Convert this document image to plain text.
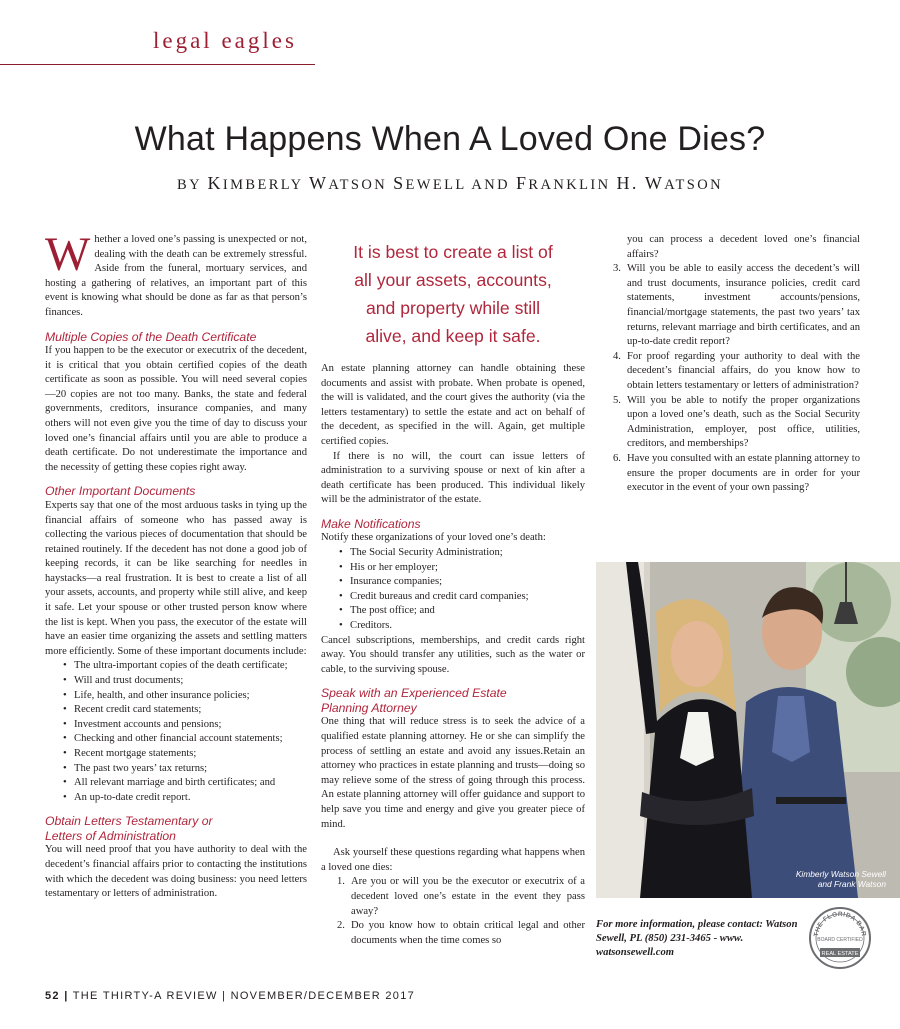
legal eagles
What Happens When A Loved One Dies?
BY KIMBERLY WATSON SEWELL AND FRANKLIN H. WATSON

Whether a loved one’s passing is unexpected or not, dealing with the death can be extremely stressful. Aside from the funeral, mortuary services, and hosting a gathering of relatives, an important part of this event is knowing what should be done as far as that person’s finances.

Multiple Copies of the Death Certificate

If you happen to be the executor or executrix of the decedent, it is critical that you obtain certified copies of the death certificate as soon as possible. You will need several copies—20 copies are not too many. Banks, the state and federal governments, creditors, insurance companies, and many others will not even give you the time of day to discuss your loved one’s financial affairs until you are able to produce a death certificate. Do not underestimate the importance and the necessity of getting these copies right away.

Other Important Documents

Experts say that one of the most arduous tasks in tying up the financial affairs of someone who has passed away is collecting the various pieces of documentation that should be retained routinely. If the decedent has not done a good job of keeping records, it can be like searching for needles in haystacks—a real frustration. It is best to create a list of all your assets, accounts, and property while still alive, and keep it safe. Let your spouse or other trusted person know where the list is kept. When you pass, the executor of the estate will have an easier time organizing the assets and settling matters more efficiently. Some of these important documents include:

• The ultra-important copies of the death certificate;
• Will and trust documents;
• Life, health, and other insurance policies;
• Recent credit card statements;
• Investment accounts and pensions;
• Checking and other financial account statements;
• Recent mortgage statements;
• The past two years’ tax returns;
• All relevant marriage and birth certificates; and
• An up-to-date credit report.
Obtain Letters Testamentary or
Letters of Administration

You will need proof that you have authority to deal with the decedent’s financial affairs prior to contacting the institutions with which the decedent was doing business: you need letters testamentary or letters of administration.

It is best to create a list of
all your assets, accounts,
and property while still
alive, and keep it safe.

An estate planning attorney can handle obtaining these documents and assist with probate. When probate is opened, the will is validated, and the court gives the authority (via the letters testamentary) to settle the estate and act on behalf of the decedent, as specified in the will. Again, get multiple certified copies.

If there is no will, the court can issue letters of administration to a surviving spouse or next of kin after a death certificate has been produced. This individual likely will be the administrator of the estate.

Make Notifications

Notify these organizations of your loved one’s death:

• The Social Security Administration;
• His or her employer;
• Insurance companies;
• Credit bureaus and credit card companies;
• The post office; and
• Creditors.

Cancel subscriptions, memberships, and credit cards right away. You should transfer any utilities, such as the water or cable, to the surviving spouse.

Speak with an Experienced Estate
Planning Attorney

One thing that will reduce stress is to seek the advice of a qualified estate planning attorney. He or she can simplify the process of settling an estate and avoid any issues.Retain an attorney who practices in estate planning and trusts—doing so may relieve some of the stress of going through this process. An estate planning attorney will offer guidance and support to help save you time and energy and give you greater piece of mind.

Ask yourself these questions regarding what happens when a loved one dies:

1. Are you or will you be the executor or executrix of a decedent loved one’s estate in the event they pass away?
2. Do you know how to obtain critical legal and other documents when the time comes so

you can process a decedent loved one’s financial affairs?

3. Will you be able to easily access the decedent’s will and trust documents, insurance policies, credit card statements, investment accounts/pensions, financial/mortgage statements, the past two years’ tax returns, relevant marriage and birth certificates, and an up-to-date credit report?
4. For proof regarding your authority to deal with the decedent’s financial affairs, do you know how to obtain letters testamentary or letters of administration?
5. Will you be able to notify the proper organizations upon a loved one’s death, such as the Social Security Administration, employer, post office, utilities, creditors, and memberships?
6. Have you consulted with an estate planning attorney to ensure the proper documents are in order for your executor in the event of your own passing?
Kimberly Watson Sewell
and Frank Watson
For more information, please contact: Watson Sewell, PL (850) 231-3465 - www. watsonsewell.com
THE FLORIDA BAR
BOARD CERTIFIED
REAL ESTATE

52 | THE THIRTY-A REVIEW | NOVEMBER/DECEMBER 2017
